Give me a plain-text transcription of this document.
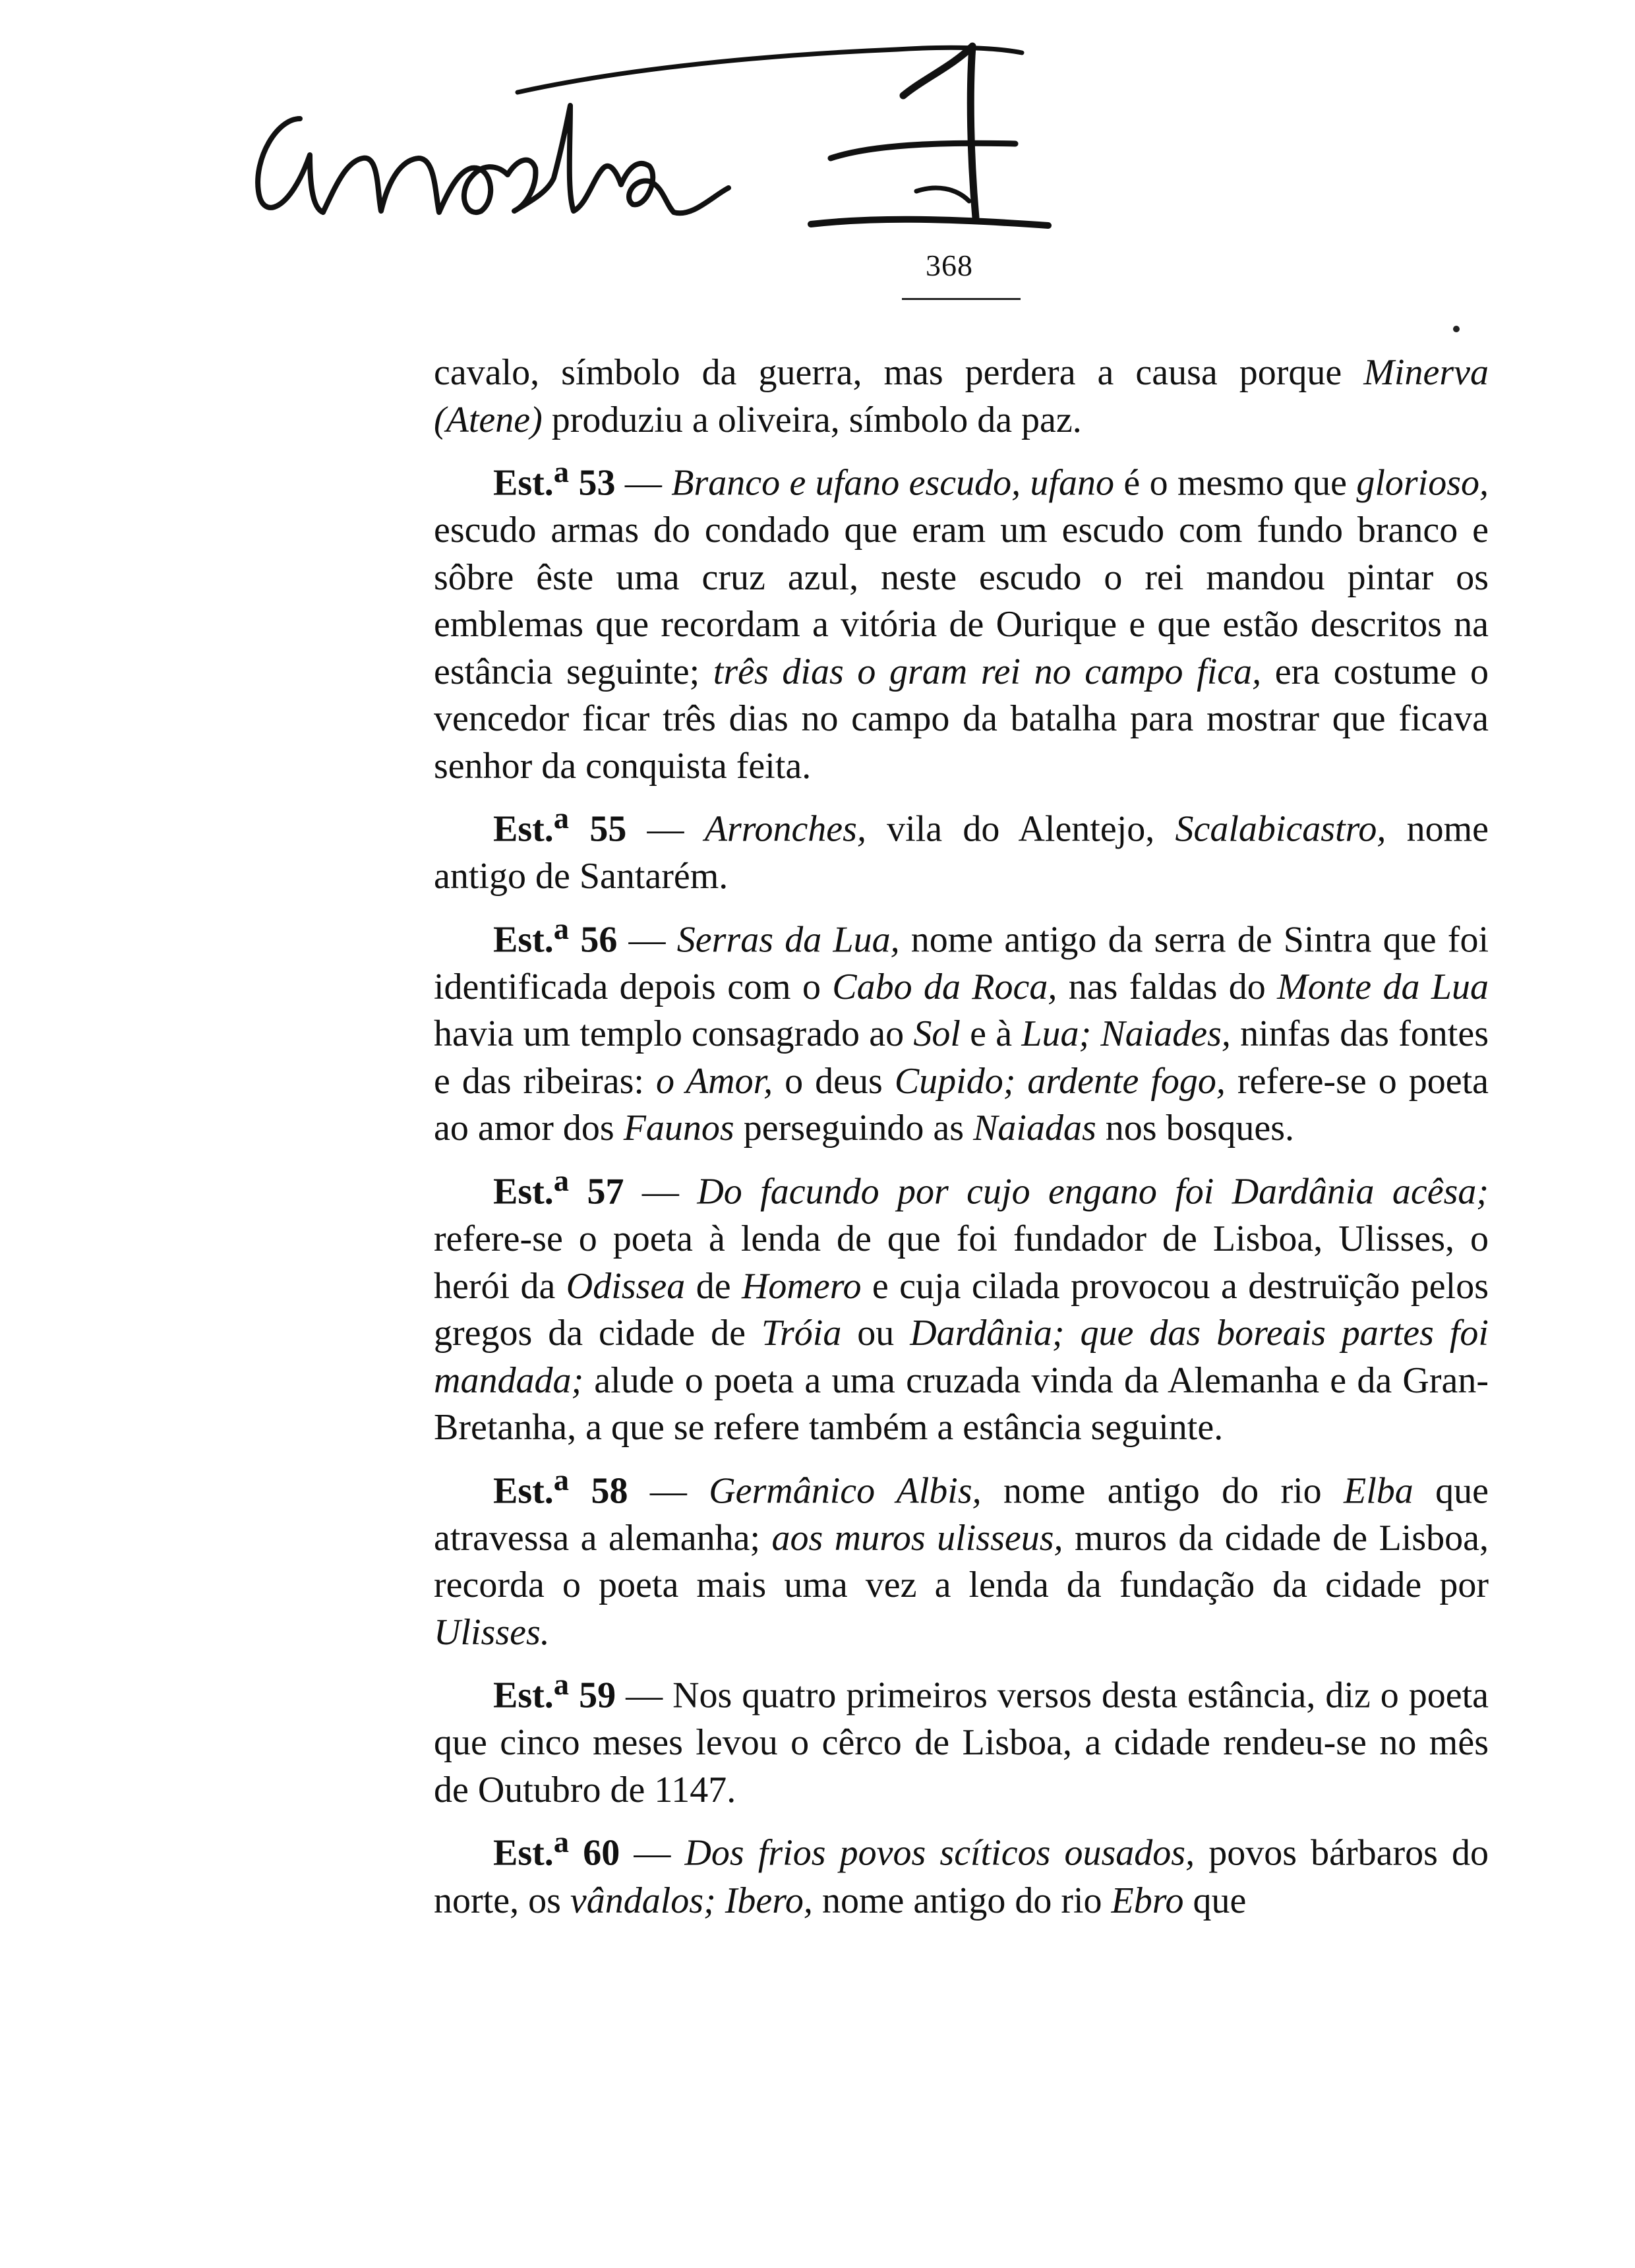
368

cavalo, símbolo da guerra, mas perdera a causa porque Minerva (Atene) produziu a oliveira, símbolo da paz.

Est.$^a$ 53 — Branco e ufano escudo, ufano é o mesmo que glorioso, escudo armas do condado que eram um escudo com fundo branco e sôbre êste uma cruz azul, neste escudo o rei mandou pintar os emblemas que recordam a vitória de Ourique e que estão descritos na estância seguinte; três dias o gram rei no campo fica, era costume o vencedor ficar três dias no campo da batalha para mostrar que ficava senhor da conquista feita.

Est.$^a$ 55 — Arronches, vila do Alentejo, Scalabicastro, nome antigo de Santarém.

Est.$^a$ 56 — Serras da Lua, nome antigo da serra de Sintra que foi identificada depois com o Cabo da Roca, nas faldas do Monte da Lua havia um templo consagrado ao Sol e à Lua; Naiades, ninfas das fontes e das ribeiras: o Amor, o deus Cupido; ardente fogo, refere-se o poeta ao amor dos Faunos perseguindo as Naiadas nos bosques.

Est.$^a$ 57 — Do facundo por cujo engano foi Dardânia acêsa; refere-se o poeta à lenda de que foi fundador de Lisboa, Ulisses, o herói da Odissea de Homero e cuja cilada provocou a destruïção pelos gregos da cidade de Tróia ou Dardânia; que das boreais partes foi mandada; alude o poeta a uma cruzada vinda da Alemanha e da Gran-Bretanha, a que se refere também a estância seguinte.

Est.$^a$ 58 — Germânico Albis, nome antigo do rio Elba que atravessa a alemanha; aos muros ulisseus, muros da cidade de Lisboa, recorda o poeta mais uma vez a lenda da fundação da cidade por Ulisses.

Est.$^a$ 59 — Nos quatro primeiros versos desta estância, diz o poeta que cinco meses levou o cêrco de Lisboa, a cidade rendeu-se no mês de Outubro de 1147.

Est.$^a$ 60 — Dos frios povos scíticos ousados, povos bárbaros do norte, os vândalos; Ibero, nome antigo do rio Ebro que
